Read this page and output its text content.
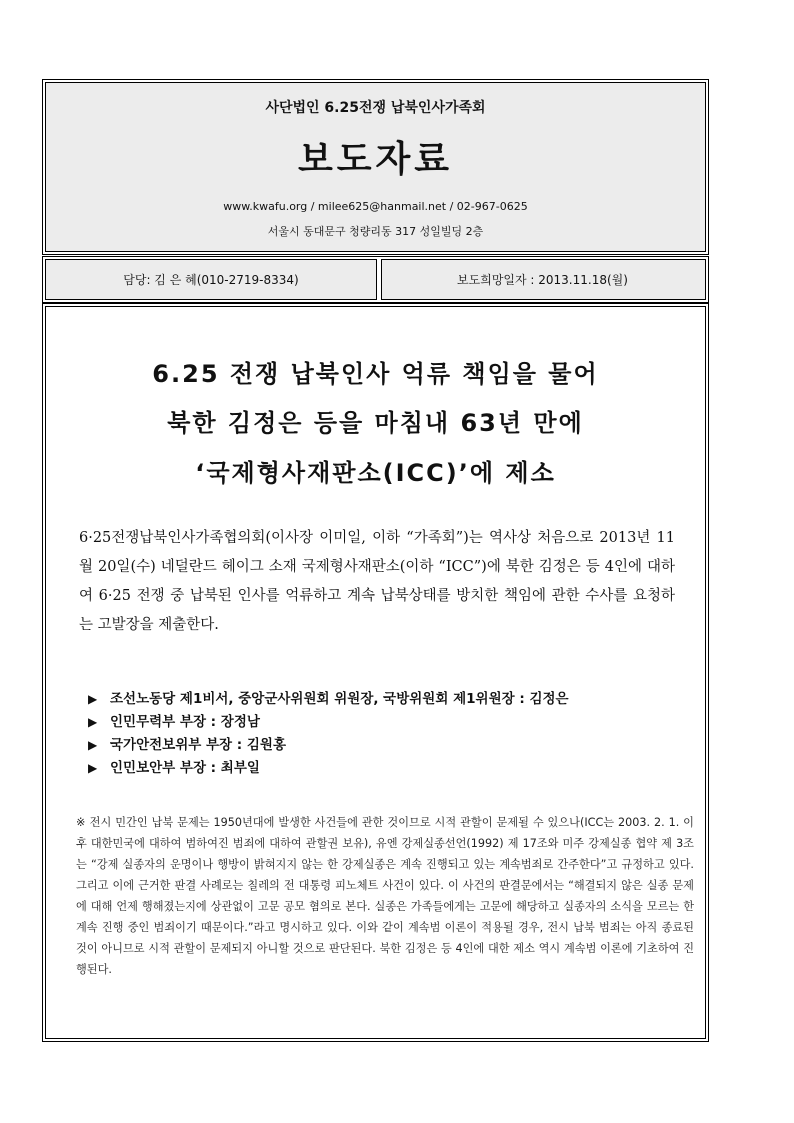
사단법인 6.25전쟁 납북인사가족회
보도자료
www.kwafu.org / milee625@hanmail.net / 02-967-0625
서울시 동대문구 청량리동 317 성일빌딩 2층
담당: 김 은 혜(010-2719-8334)	보도희망일자 : 2013.11.18(월)
6.25 전쟁 납북인사 억류 책임을 물어
북한 김정은 등을 마침내 63년 만에
‘국제형사재판소(ICC)’에 제소

6·25전쟁납북인사가족협의회(이사장 이미일, 이하 “가족회”)는 역사상 처음으로 2013년 11월 20일(수) 네덜란드 헤이그 소재 국제형사재판소(이하 “ICC”)에 북한 김정은 등 4인에 대하여 6·25 전쟁 중 납북된 인사를 억류하고 계속 납북상태를 방치한 책임에 관한 수사를 요청하는 고발장을 제출한다.

▶ 조선노동당 제1비서, 중앙군사위원회 위원장, 국방위원회 제1위원장 : 김정은
▶ 인민무력부 부장 : 장정남
▶ 국가안전보위부 부장 : 김원홍
▶ 인민보안부 부장 : 최부일

※ 전시 민간인 납북 문제는 1950년대에 발생한 사건들에 관한 것이므로 시적 관할이 문제될 수 있으나(ICC는 2003. 2. 1. 이후 대한민국에 대하여 범하여진 범죄에 대하여 관할권 보유), 유엔 강제실종선언(1992) 제 17조와 미주 강제실종 협약 제 3조는 “강제 실종자의 운명이나 행방이 밝혀지지 않는 한 강제실종은 계속 진행되고 있는 계속범죄로 간주한다”고 규정하고 있다. 그리고 이에 근거한 판결 사례로는 칠레의 전 대통령 피노체트 사건이 있다. 이 사건의 판결문에서는 “해결되지 않은 실종 문제에 대해 언제 행해졌는지에 상관없이 고문 공모 혐의로 본다. 실종은 가족들에게는 고문에 해당하고 실종자의 소식을 모르는 한 계속 진행 중인 범죄이기 때문이다.”라고 명시하고 있다. 이와 같이 계속범 이론이 적용될 경우, 전시 납북 범죄는 아직 종료된 것이 아니므로 시적 관할이 문제되지 아니할 것으로 판단된다. 북한 김정은 등 4인에 대한 제소 역시 계속범 이론에 기초하여 진행된다.
